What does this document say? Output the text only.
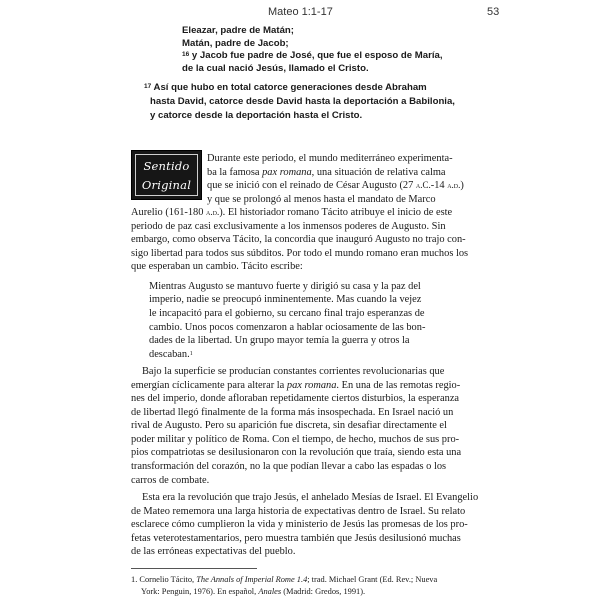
Mateo 1:1-17	53
Eleazar, padre de Matán;
Matán, padre de Jacob;
$^{16}$ y Jacob fue padre de José, que fue el esposo de María,
de la cual nació Jesús, llamado el Cristo.
$^{17}$ Así que hubo en total catorce generaciones desde Abraham
hasta David, catorce desde David hasta la deportación a Babilonia,
y catorce desde la deportación hasta el Cristo.
Sentido
Original

Durante este periodo, el mundo mediterráneo experimenta-
ba la famosa pax romana, una situación de relativa calma
que se inició con el reinado de César Augusto (27 a.C.-14 a.d.)
y que se prolongó al menos hasta el mandato de Marco
Aurelio (161-180 a.d.). El historiador romano Tácito atribuye el inicio de este
periodo de paz casi exclusivamente a los inmensos poderes de Augusto. Sin
embargo, como observa Tácito, la concordia que inauguró Augusto no trajo con-
sigo libertad para todos sus súbditos. Por todo el mundo romano eran muchos los
que esperaban un cambio. Tácito escribe:

Mientras Augusto se mantuvo fuerte y dirigió su casa y la paz del
imperio, nadie se preocupó inminentemente. Mas cuando la vejez
le incapacitó para el gobierno, su cercano final trajo esperanzas de
cambio. Unos pocos comenzaron a hablar ociosamente de las bon-
dades de la libertad. Un grupo mayor temía la guerra y otros la
descaban.$^1$

Bajo la superficie se producían constantes corrientes revolucionarias que
emergían cíclicamente para alterar la pax romana. En una de las remotas regio-
nes del imperio, donde afloraban repetidamente ciertos disturbios, la esperanza
de libertad llegó finalmente de la forma más insospechada. En Israel nació un
rival de Augusto. Pero su aparición fue discreta, sin desafiar directamente el
poder militar y político de Roma. Con el tiempo, de hecho, muchos de sus pro-
pios compatriotas se desilusionaron con la revolución que traía, siendo esta una
transformación del corazón, no la que podían llevar a cabo las espadas o los
carros de combate.

Esta era la revolución que trajo Jesús, el anhelado Mesías de Israel. El Evangelio
de Mateo rememora una larga historia de expectativas dentro de Israel. Su relato
esclarece cómo cumplieron la vida y ministerio de Jesús las promesas de los pro-
fetas veterotestamentarios, pero muestra también que Jesús desilusionó muchas
de las erróneas expectativas del pueblo.

1. Cornelio Tácito, The Annals of Imperial Rome 1.4; trad. Michael Grant (Ed. Rev.; Nueva
York: Penguin, 1976). En español, Anales (Madrid: Gredos, 1991).
